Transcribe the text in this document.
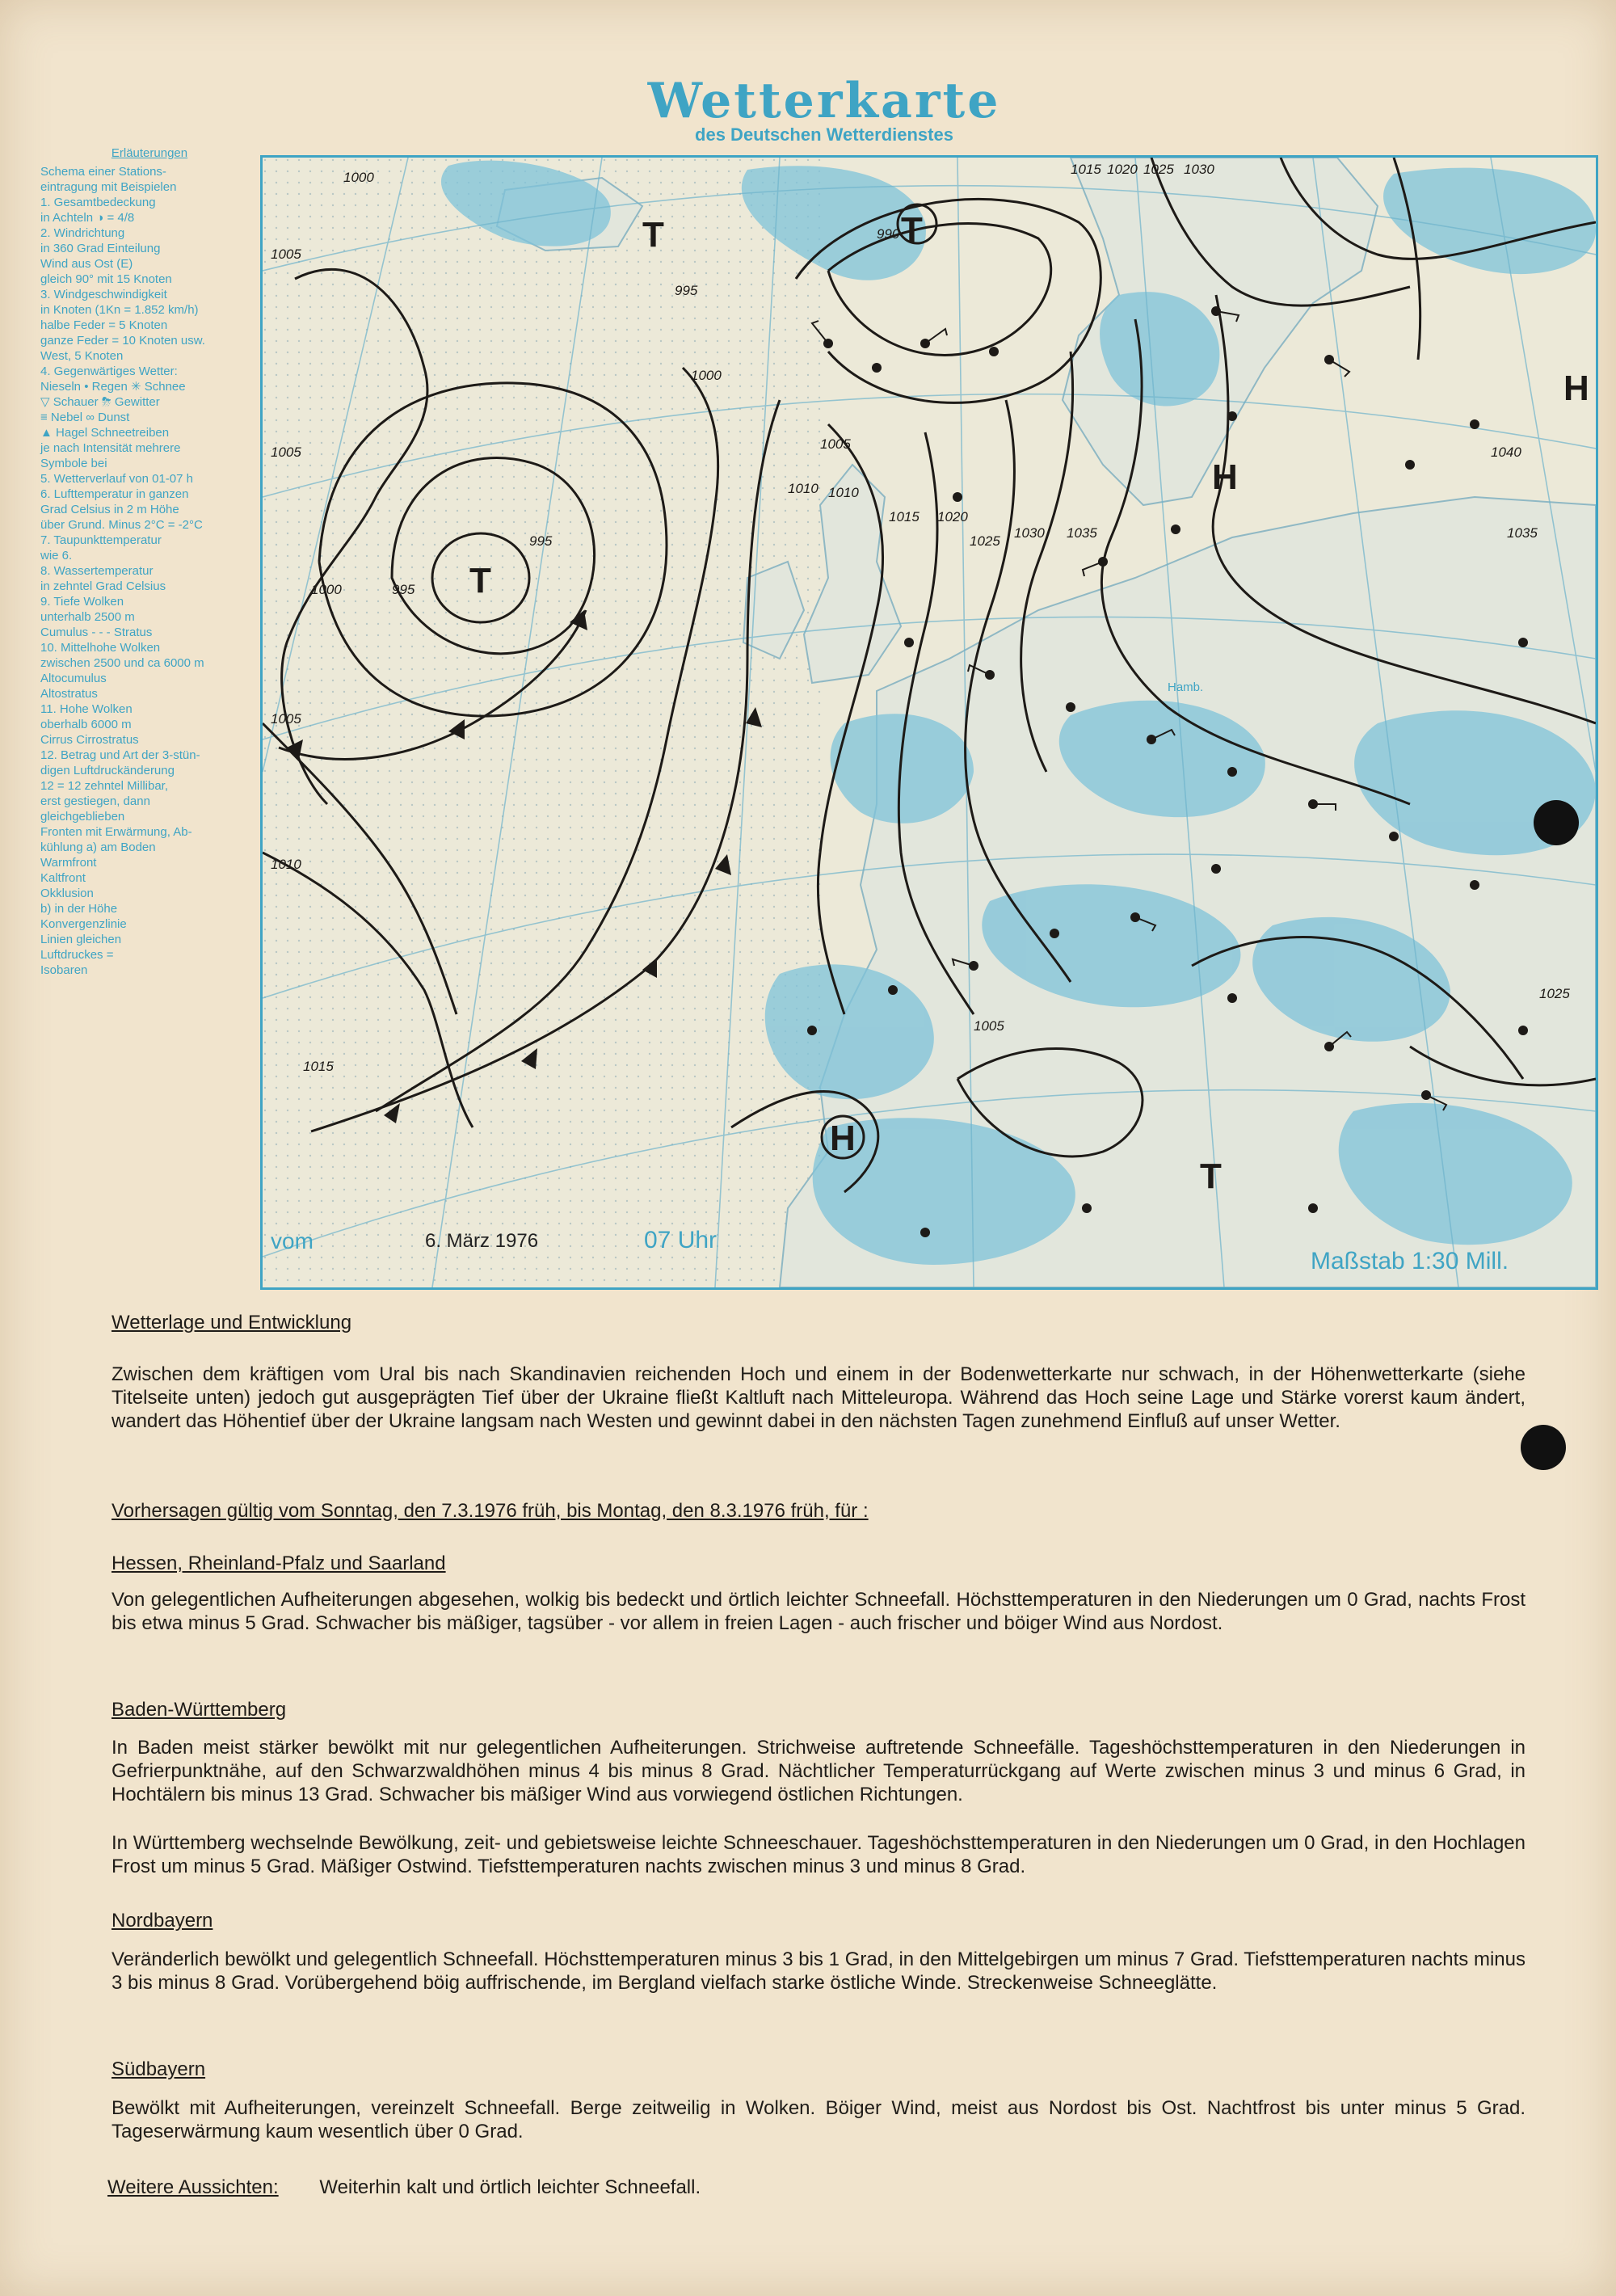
Wetterkarte
des Deutschen Wetterdienstes
Erläuterungen
Schema einer Stations-
eintragung mit Beispielen
1. Gesamtbedeckung
in Achteln ◑ = 4/8
2. Windrichtung
in 360 Grad Einteilung
Wind aus Ost (E)
gleich 90° mit 15 Knoten
3. Windgeschwindigkeit
in Knoten (1Kn = 1.852 km/h)
halbe Feder = 5 Knoten
ganze Feder = 10 Knoten usw.
West, 5 Knoten
4. Gegenwärtiges Wetter:
Nieseln • Regen ✳ Schnee
▽ Schauer ⛈ Gewitter
≡ Nebel ∞ Dunst
▲ Hagel Schneetreiben
je nach Intensität mehrere
Symbole bei
5. Wetterverlauf von 01-07 h
6. Lufttemperatur in ganzen
Grad Celsius in 2 m Höhe
über Grund. Minus 2°C = -2°C
7. Taupunkttemperatur
wie 6.
8. Wassertemperatur
in zehntel Grad Celsius
9. Tiefe Wolken
unterhalb 2500 m
Cumulus - - - Stratus
10. Mittelhohe Wolken
zwischen 2500 und ca 6000 m
Altocumulus
Altostratus
11. Hohe Wolken
oberhalb 6000 m
Cirrus Cirrostratus
12. Betrag und Art der 3-stün-
digen Luftdruckänderung
12 = 12 zehntel Millibar,
erst gestiegen, dann
gleichgeblieben
Fronten mit Erwärmung, Ab-
kühlung a) am Boden
Warmfront
Kaltfront
Okklusion
b) in der Höhe
Konvergenzlinie
Linien gleichen
Luftdruckes =
Isobaren
T
T
T
T
H
H
H
1000
1005
1005
1000
995
995
1005
1010
1015
1010
1015 1020
1025
1030 1035
1040
1035
1030
1025
1020
1015
1005
1010
990
995
1000
1005
1025
Hamb.
vom	6. März 1976	07 Uhr
Maßstab 1:30 Mill.
Wetterlage und Entwicklung
Zwischen dem kräftigen vom Ural bis nach Skandinavien reichenden Hoch und einem in der Bodenwetterkarte nur schwach, in der Höhenwetterkarte (siehe Titelseite unten) jedoch gut ausgeprägten Tief über der Ukraine fließt Kaltluft nach Mitteleuropa. Während das Hoch seine Lage und Stärke vorerst kaum ändert, wandert das Höhentief über der Ukraine langsam nach Westen und gewinnt dabei in den nächsten Tagen zunehmend Einfluß auf unser Wetter.
Vorhersagen gültig vom Sonntag, den 7.3.1976 früh, bis Montag, den 8.3.1976 früh, für :
Hessen, Rheinland-Pfalz und Saarland
Von gelegentlichen Aufheiterungen abgesehen, wolkig bis bedeckt und örtlich leichter Schneefall. Höchsttemperaturen in den Niederungen um 0 Grad, nachts Frost bis etwa minus 5 Grad. Schwacher bis mäßiger, tagsüber - vor allem in freien Lagen - auch frischer und böiger Wind aus Nordost.
Baden-Württemberg
In Baden meist stärker bewölkt mit nur gelegentlichen Aufheiterungen. Strichweise auftretende Schneefälle. Tageshöchsttemperaturen in den Niederungen in Gefrierpunktnähe, auf den Schwarzwaldhöhen minus 4 bis minus 8 Grad. Nächtlicher Temperaturrückgang auf Werte zwischen minus 3 und minus 6 Grad, in Hochtälern bis minus 13 Grad. Schwacher bis mäßiger Wind aus vorwiegend östlichen Richtungen.
In Württemberg wechselnde Bewölkung, zeit- und gebietsweise leichte Schneeschauer. Tageshöchsttemperaturen in den Niederungen um 0 Grad, in den Hochlagen Frost um minus 5 Grad. Mäßiger Ostwind. Tiefsttemperaturen nachts zwischen minus 3 und minus 8 Grad.
Nordbayern
Veränderlich bewölkt und gelegentlich Schneefall. Höchsttemperaturen minus 3 bis 1 Grad, in den Mittelgebirgen um minus 7 Grad. Tiefsttemperaturen nachts minus 3 bis minus 8 Grad. Vorübergehend böig auffrischende, im Bergland vielfach starke östliche Winde. Streckenweise Schneeglätte.
Südbayern
Bewölkt mit Aufheiterungen, vereinzelt Schneefall. Berge zeitweilig in Wolken. Böiger Wind, meist aus Nordost bis Ost. Nachtfrost bis unter minus 5 Grad. Tageserwärmung kaum wesentlich über 0 Grad.
Weitere Aussichten: Weiterhin kalt und örtlich leichter Schneefall.
